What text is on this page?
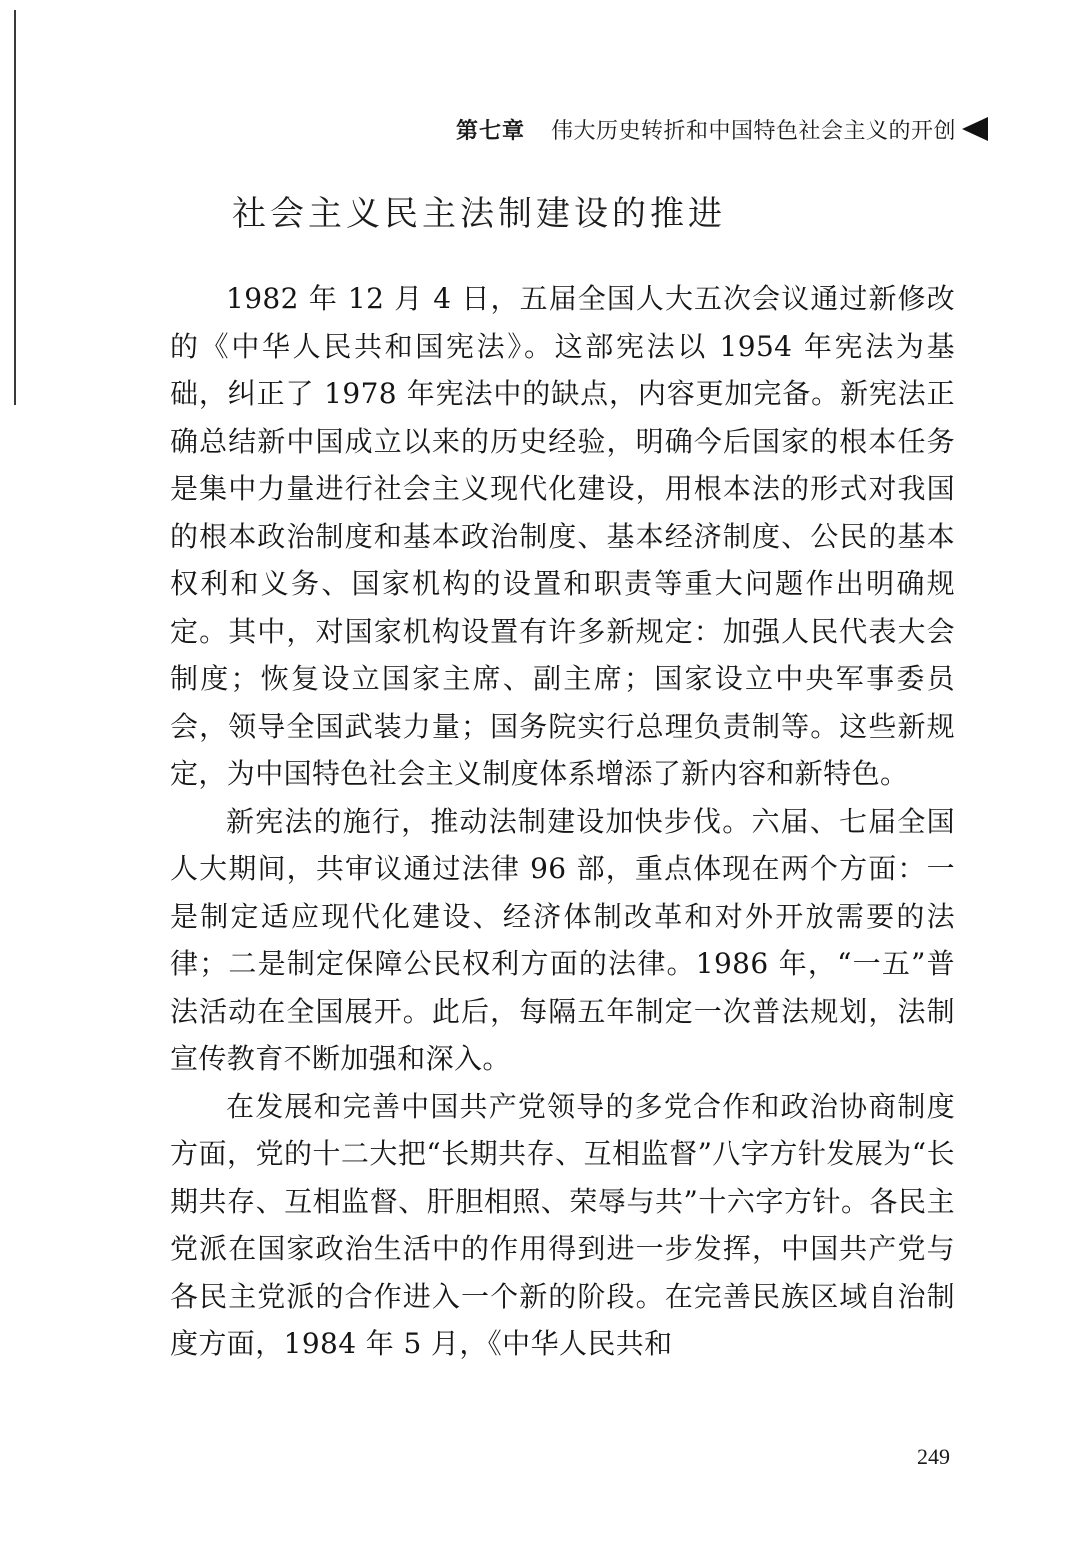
第七章 伟大历史转折和中国特色社会主义的开创
社会主义民主法制建设的推进

1982 年 12 月 4 日，五届全国人大五次会议通过新修改的《中华人民共和国宪法》。这部宪法以 1954 年宪法为基础，纠正了 1978 年宪法中的缺点，内容更加完备。新宪法正确总结新中国成立以来的历史经验，明确今后国家的根本任务是集中力量进行社会主义现代化建设，用根本法的形式对我国的根本政治制度和基本政治制度、基本经济制度、公民的基本权利和义务、国家机构的设置和职责等重大问题作出明确规定。其中，对国家机构设置有许多新规定：加强人民代表大会制度；恢复设立国家主席、副主席；国家设立中央军事委员会，领导全国武装力量；国务院实行总理负责制等。这些新规定，为中国特色社会主义制度体系增添了新内容和新特色。

新宪法的施行，推动法制建设加快步伐。六届、七届全国人大期间，共审议通过法律 96 部，重点体现在两个方面：一是制定适应现代化建设、经济体制改革和对外开放需要的法律；二是制定保障公民权利方面的法律。1986 年，“一五”普法活动在全国展开。此后，每隔五年制定一次普法规划，法制宣传教育不断加强和深入。

在发展和完善中国共产党领导的多党合作和政治协商制度方面，党的十二大把“长期共存、互相监督”八字方针发展为“长期共存、互相监督、肝胆相照、荣辱与共”十六字方针。各民主党派在国家政治生活中的作用得到进一步发挥，中国共产党与各民主党派的合作进入一个新的阶段。在完善民族区域自治制度方面，1984 年 5 月，《中华人民共和

249
